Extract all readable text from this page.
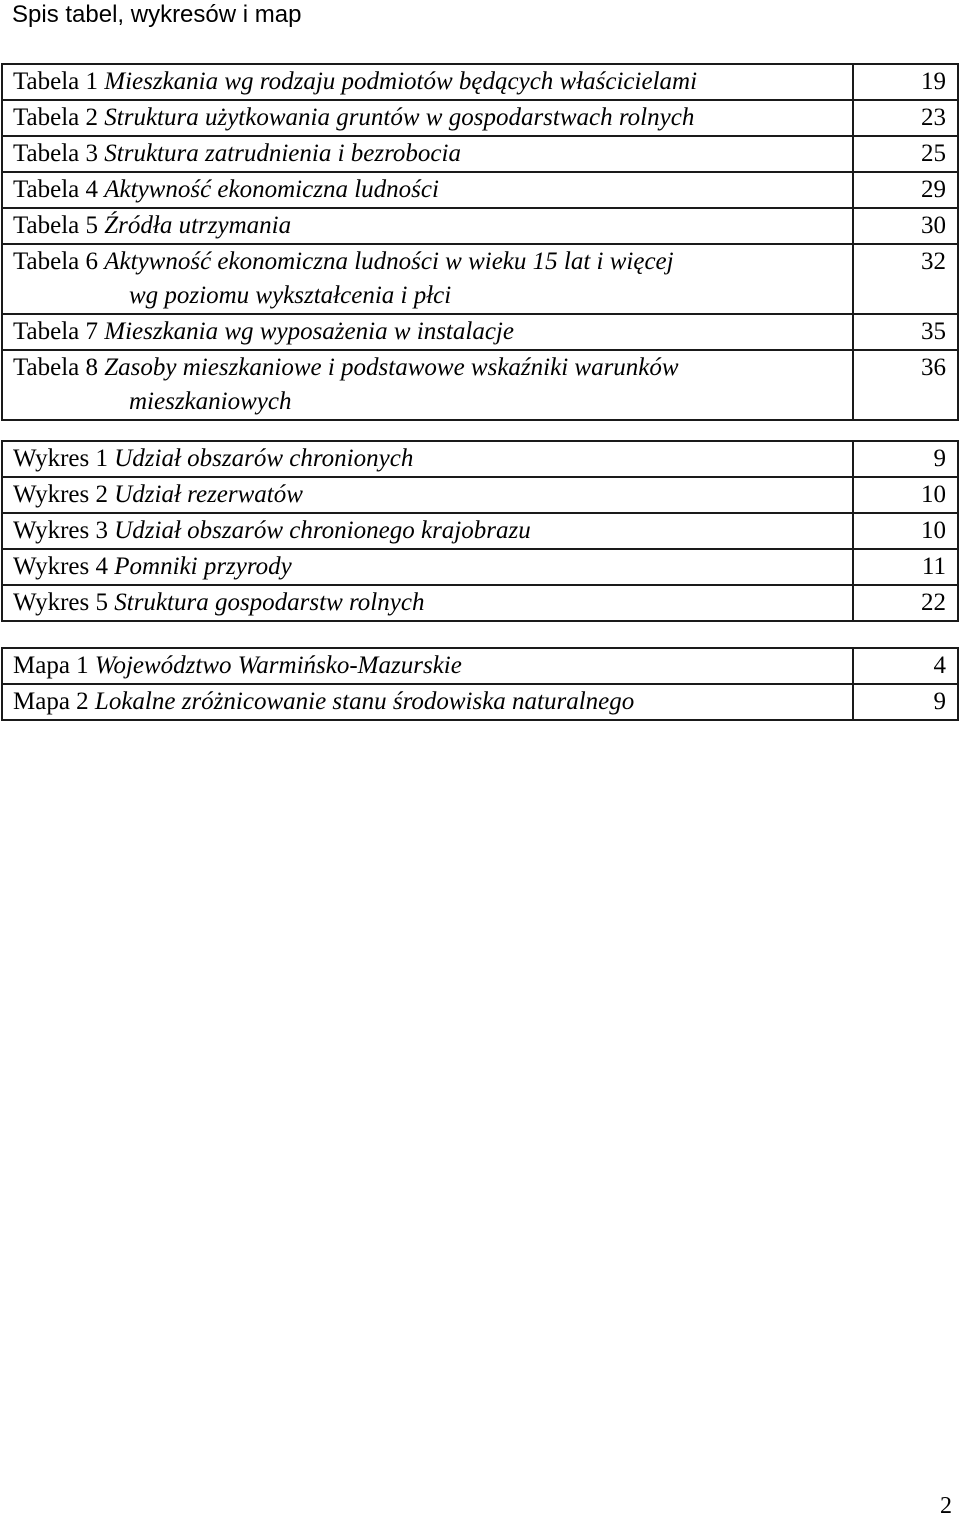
Spis tabel, wykresów i map
Tabela 1 Mieszkania wg rodzaju podmiotów będących właścicielami	19
Tabela 2 Struktura użytkowania gruntów w gospodarstwach rolnych	23
Tabela 3 Struktura zatrudnienia i bezrobocia	25
Tabela 4 Aktywność ekonomiczna ludności	29
Tabela 5 Źródła utrzymania	30
Tabela 6 Aktywność ekonomiczna ludności w wieku 15 lat i więcej
wg poziomu wykształcenia i płci	32
Tabela 7 Mieszkania wg wyposażenia w instalacje	35
Tabela 8 Zasoby mieszkaniowe i podstawowe wskaźniki warunków
mieszkaniowych	36
Wykres 1 Udział obszarów chronionych	9
Wykres 2 Udział rezerwatów	10
Wykres 3 Udział obszarów chronionego krajobrazu	10
Wykres 4 Pomniki przyrody	11
Wykres 5 Struktura gospodarstw rolnych	22
Mapa 1 Województwo Warmińsko-Mazurskie	4
Mapa 2 Lokalne zróżnicowanie stanu środowiska naturalnego	9
2
